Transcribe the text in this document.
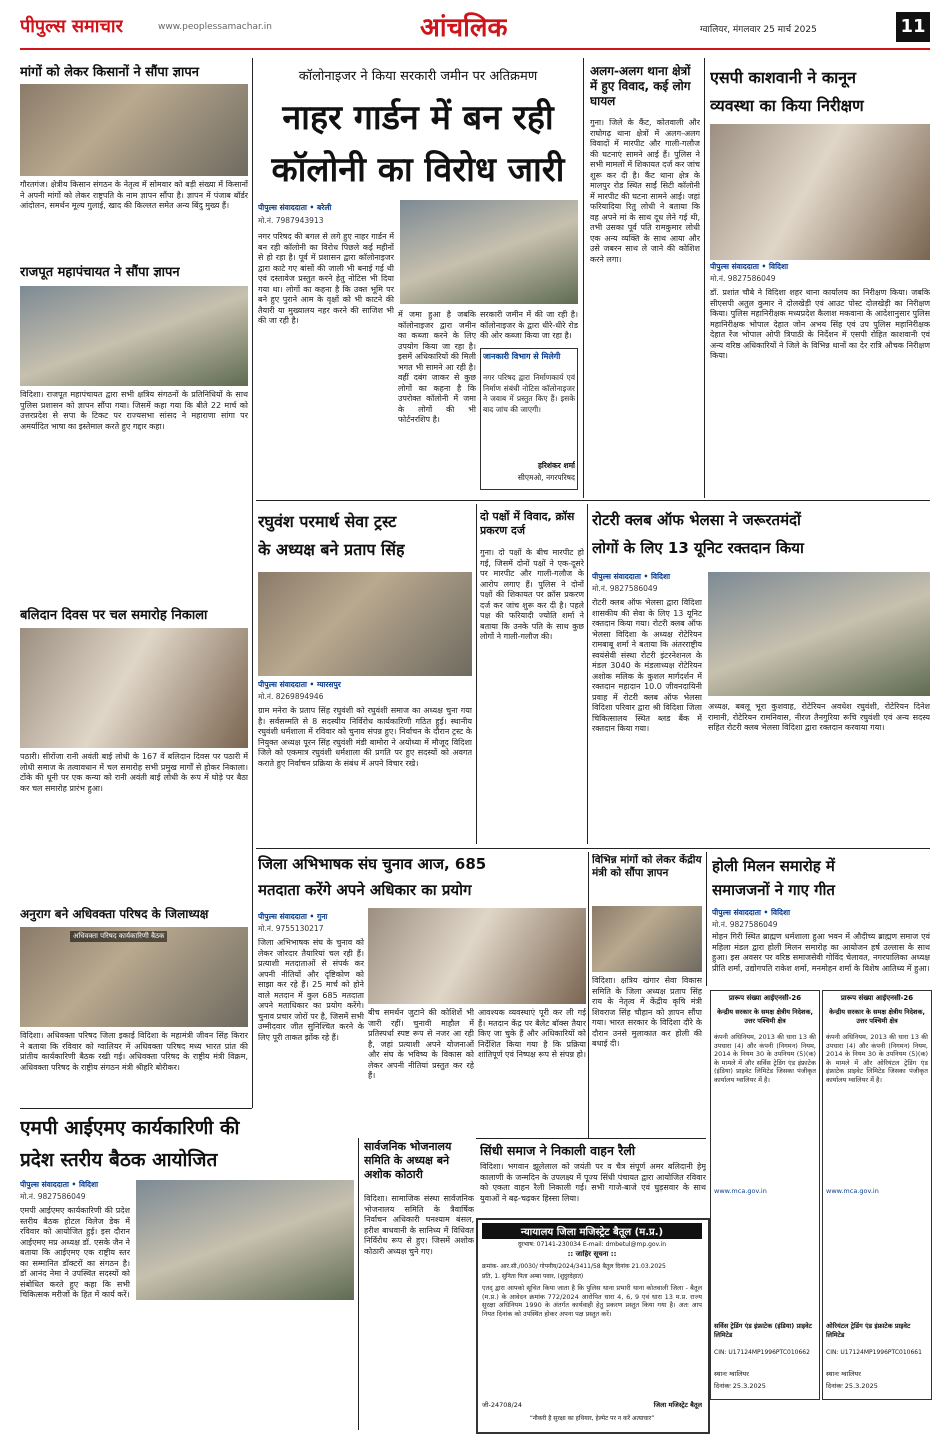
पीपुल्स समाचार	www.peoplessamachar.in	आंचलिक	ग्वालियर, मंगलवार 25 मार्च 2025	11
मांगों को लेकर किसानों ने सौंपा ज्ञापन
गौरतगंज। क्षेत्रीय किसान संगठन के नेतृत्व में सोमवार को बड़ी संख्या में किसानों ने अपनी मांगों को लेकर राष्ट्रपति के नाम ज्ञापन सौंपा है। ज्ञापन में पंजाब बॉर्डर आंदोलन, समर्थन मूल्य गुलाई, खाद की किल्लत समेत अन्य बिंदु मुख्य हैं।
राजपूत महापंचायत ने सौंपा ज्ञापन
विदिशा। राजपूत महापंचायत द्वारा सभी क्षत्रिय संगठनों के प्रतिनिधियों के साथ पुलिस प्रशासन को ज्ञापन सौंपा गया। जिसमें कहा गया कि बीते 22 मार्च को उत्तरप्रदेश से सपा के टिकट पर राज्यसभा सांसद ने महाराणा सांगा पर अमर्यादित भाषा का इस्तेमाल करते हुए गद्दार कहा।
बलिदान दिवस पर चल समारोह निकाला
पठारी। सीरोंजा रानी अवंती बाई लोधी के 167 वें बलिदान दिवस पर पठारी में लोधी समाज के तत्वावधान में चल समारोह सभी प्रमुख मार्गों से होकर निकाला। टोंके की धूनी पर एक कन्या को रानी अवंती बाई लोधी के रूप में घोड़े पर बैठा कर चल समारोह प्रारंभ हुआ।
अनुराग बने अधिवक्ता परिषद के जिलाध्यक्ष
अधिवक्ता परिषद कार्यकारिणी बैठक
विदिशा। अधिवक्ता परिषद जिला इकाई विदिशा के महामंत्री जीवन सिंह किरार ने बताया कि रविवार को ग्वालियर में अधिवक्ता परिषद मध्य भारत प्रांत की प्रांतीय कार्यकारिणी बैठक रखी गई। अधिवक्ता परिषद के राष्ट्रीय मंत्री विक्रम, अधिवक्ता परिषद के राष्ट्रीय संगठन मंत्री श्रीहरि बोरीकर।
कॉलोनाइजर ने किया सरकारी जमीन पर अतिक्रमण
नाहर गार्डन में बन रही
कॉलोनी का विरोध जारी
पीपुल्स संवाददाता • बरेली
मो.नं. 7987943913
नगर परिषद की बगल से लगे हुए नाहर गार्डन में बन रही कॉलोनी का विरोध पिछले कई महीनों से हो रहा है। पूर्व में प्रशासन द्वारा कॉलोनाइजर द्वारा काटे गए बांसों की जाली भी बनाई गई थी एवं दस्तावेज प्रस्तुत करने हेतु नोटिस भी दिया गया था। लोगों का कहना है कि उक्त भूमि पर बने हुए पुराने आम के वृक्षों को भी काटने की तैयारी या मुख्यालय नहर करने की साजिश भी की जा रही है।
में जमा हुआ है जबकि कॉलोनाइजर द्वारा जमीन का कब्जा करने के लिए उपयोग किया जा रहा है। इसमें अधिकारियों की मिली भगत भी सामने आ रही है। वहीं दबंग जाकर से कुछ लोगों का कहना है कि उपरोक्त कॉलोनी में जमा के लोगों की भी फोर्टनरशिप है।
सरकारी जमीन में की जा रही है। कॉलोनाइजर के द्वारा धीरे-धीरे रोड की ओर कब्जा किया जा रहा है।
जानकारी विभाग से मिलेगी
नगर परिषद द्वारा निर्माणकार्य एवं निर्माण संबंधी नोटिस कॉलोनाइजर ने जवाब में प्रस्तुत किए हैं। इसके बाद जांच की जाएगी।
हरिशंकर शर्मा
सीएमओ, नगरपरिषद
अलग-अलग थाना क्षेत्रों में हुए विवाद, कई लोग घायल
गुना। जिले के कैंट, कोतवाली और राघोगढ़ थाना क्षेत्रों में अलग-अलग विवादों में मारपीट और गाली-गलौज की घटनाएं सामने आई हैं। पुलिस ने सभी मामलों में शिकायत दर्ज कर जांच शुरू कर दी है। कैंट थाना क्षेत्र के मालपुर रोड स्थित साईं सिटी कॉलोनी में मारपीट की घटना सामने आई। जहां फरियादिया रितु लोधी ने बताया कि वह अपने मां के साथ दूध लेने गई थी, तभी उसका पूर्व पति रामकुमार लोधी एक अन्य व्यक्ति के साथ आया और उसे जबरन साथ ले जाने की कोशिश करने लगा।
एसपी काशवानी ने कानून
व्यवस्था का किया निरीक्षण
पीपुल्स संवाददाता • विदिशा
मो.नं. 9827586049
डॉ. प्रशांत चौबे ने विदिशा शहर थाना कार्यालय का निरीक्षण किया। जबकि सीएसपी अतुल कुमार ने दोलखेड़ी एवं आउट पोस्ट दोलखेड़ी का निरीक्षण किया। पुलिस महानिरीक्षक मध्यप्रदेश कैलाश मकवाना के आदेशानुसार पुलिस महानिरीक्षक भोपाल देहात जोन अभय सिंह एवं उप पुलिस महानिरीक्षक देहात रेंज भोपाल ओपी त्रिपाठी के निर्देशन में एसपी रोहित काशवानी एवं अन्य वरिष्ठ अधिकारियों ने जिले के विभिन्न थानों का देर रात्रि औचक निरीक्षण किया।
रघुवंश परमार्थ सेवा ट्रस्ट
के अध्यक्ष बने प्रताप सिंह
पीपुल्स संवाददाता • ग्यारसपुर
मो.नं. 8269894946
ग्राम मनेरा के प्रताप सिंह रघुवंशी को रघुवंशी समाज का अध्यक्ष चुना गया है। सर्वसम्मति से 8 सदस्यीय निर्विरोध कार्यकारिणी गठित हुई। स्थानीय रघुवंशी धर्मशाला में रविवार को चुनाव संपन्न हुए। निर्वाचन के दौरान ट्रस्ट के नियुक्त अध्यक्ष पूरन सिंह रघुवंशी मंडी बामोरा ने अयोध्या में मौजूद विदिशा जिले को एकमात्र रघुवंशी धर्मशाला की प्रगति पर हुए सदस्यों को अवगत कराते हुए निर्वाचन प्रक्रिया के संबंध में अपने विचार रखे।
दो पक्षों में विवाद, क्रॉस प्रकरण दर्ज
गुना। दो पक्षों के बीच मारपीट हो गई, जिसमें दोनों पक्षों ने एक-दूसरे पर मारपीट और गाली-गलौज के आरोप लगाए हैं। पुलिस ने दोनों पक्षों की शिकायत पर क्रॉस प्रकरण दर्ज कर जांच शुरू कर दी है। पहले पक्ष की फरियादी ज्योति शर्मा ने बताया कि उनके पति के साथ कुछ लोगों ने गाली-गलौज की।
रोटरी क्लब ऑफ भेलसा ने जरूरतमंदों
लोगों के लिए 13 यूनिट रक्तदान किया
पीपुल्स संवाददाता • विदिशा
मो.नं. 9827586049
रोटरी क्लब ऑफ भेलसा द्वारा विदिशा शासकीय की सेवा के लिए 13 यूनिट रक्तदान किया गया। रोटरी क्लब ऑफ भेलसा विदिशा के अध्यक्ष रोटेरियन रामबाबू शर्मा ने बताया कि अंतरराष्ट्रीय स्वयंसेवी संस्था रोटरी इंटरनेशनल के मंडल 3040 के मंडलाध्यक्ष रोटेरियन अशोक मलिक के कुशल मार्गदर्शन में रक्तदान महादान 10.0 जीवनदायिनी प्रवाह में रोटरी क्लब ऑफ भेलसा विदिशा परिवार द्वारा श्री विदिशा जिला चिकित्सालय स्थित ब्लड बैंक में रक्तदान किया गया।
अध्यक्ष, बबलू भूरा कुशवाह, रोटेरियन अवधेश रघुवंशी, रोटेरियन दिनेश रामानी, रोटेरियन रामनिवास, नीरज तैनगुरिया रूचि रघुवंशी एवं अन्य सदस्य सहित रोटरी क्लब भेलसा विदिशा द्वारा रक्तदान करवाया गया।
जिला अभिभाषक संघ चुनाव आज, 685
मतदाता करेंगे अपने अधिकार का प्रयोग
पीपुल्स संवाददाता • गुना
मो.नं. 9755130217
जिला अभिभाषक संघ के चुनाव को लेकर जोरदार तैयारियां चल रही हैं। प्रत्याशी मतदाताओं से संपर्क कर अपनी नीतियों और दृष्टिकोण को साझा कर रहे हैं। 25 मार्च को होने वाले मतदान में कुल 685 मतदाता अपने मताधिकार का प्रयोग करेंगे। चुनाव प्रचार जोरों पर है, जिसमें सभी उम्मीदवार जीत सुनिश्चित करने के लिए पूरी ताकत झोंक रहे हैं।
बीच समर्थन जुटाने की कोशिशें भी जारी रहीं। चुनावी माहौल में प्रतिस्पर्धा स्पष्ट रूप से नजर आ रही है, जहां प्रत्याशी अपने योजनाओं और संघ के भविष्य के विकास को लेकर अपनी नीतियां प्रस्तुत कर रहे हैं।
आवश्यक व्यवस्थाएं पूरी कर ली गई हैं। मतदान केंद्र पर बैलेट बॉक्स तैयार किए जा चुके हैं और अधिकारियों को निर्देशित किया गया है कि प्रक्रिया शांतिपूर्ण एवं निष्पक्ष रूप से संपन्न हो।
विभिन्न मांगों को लेकर केंद्रीय मंत्री को सौंपा ज्ञापन
विदिशा। क्षत्रिय खंगार सेवा विकास समिति के जिला अध्यक्ष प्रताप सिंह राय के नेतृत्व में केंद्रीय कृषि मंत्री शिवराज सिंह चौहान को ज्ञापन सौंपा गया। भारत सरकार के विदिशा दौरे के दौरान उनसे मुलाकात कर होली की बधाई दी।
होली मिलन समारोह में
समाजजनों ने गाए गीत
पीपुल्स संवाददाता • विदिशा
मो.नं. 9827586049
मोहन गिरी स्थित ब्राह्मण धर्मशाला हुआ भवन में औदीच्य ब्राह्मण समाज एवं महिला मंडल द्वारा होली मिलन समारोह का आयोजन हर्ष उल्लास के साथ हुआ। इस अवसर पर वरिष्ठ समाजसेवी गोविंद चेलावत, नगरपालिका अध्यक्ष प्रीति शर्मा, उद्योगपति राकेश शर्मा, मनमोहन शर्मा के विशेष आतिथ्य में हुआ।
प्रारूप संख्या आईएनसी-26
केन्द्रीय सरकार के समक्ष क्षेत्रीय निदेशक, उत्तर पश्चिमी क्षेत्र
कंपनी अधिनियम, 2013 की धारा 13 की उपधारा (4) और कंपनी (निगमन) नियम, 2014 के नियम 30 के उपनियम (5)(क) के मामले में और सर्विस ट्रेडिंग एंड इंफ्राटेक (इंडिया) प्राइवेट लिमिटेड जिसका पंजीकृत कार्यालय ग्वालियर में है।
www.mca.gov.in
सर्विस ट्रेडिंग एंड इंफ्राटेक (इंडिया) प्राइवेट लिमिटेड
CIN: U17124MP1996PTC010662
स्थानः ग्वालियर
दिनांकः 25.3.2025
प्रारूप संख्या आईएनसी-26
केन्द्रीय सरकार के समक्ष क्षेत्रीय निदेशक, उत्तर पश्चिमी क्षेत्र
कंपनी अधिनियम, 2013 की धारा 13 की उपधारा (4) और कंपनी (निगमन) नियम, 2014 के नियम 30 के उपनियम (5)(क) के मामले में और ओरियंटल ट्रेडिंग एंड इंफ्राटेक प्राइवेट लिमिटेड जिसका पंजीकृत कार्यालय ग्वालियर में है।
www.mca.gov.in
ओरियंटल ट्रेडिंग एंड इंफ्राटेक प्राइवेट लिमिटेड
CIN: U17124MP1996PTC010661
स्थानः ग्वालियर
दिनांकः 25.3.2025
एमपी आईएमए कार्यकारिणी की
प्रदेश स्तरीय बैठक आयोजित
पीपुल्स संवाददाता • विदिशा
मो.नं. 9827586049
एमपी आईएमए कार्यकारिणी की प्रदेश स्तरीय बैठक होटल विलेज डेक में रविवार को आयोजित हुई। इस दौरान आईएमए मप्र अध्यक्ष डॉ. एसके जैन ने बताया कि आईएमए एक राष्ट्रीय स्तर का सम्मानित डॉक्टरों का संगठन है। डॉ आनंद नेमा ने उपस्थित सदस्यों को संबोधित करते हुए कहा कि सभी चिकित्सक मरीजों के हित में कार्य करें।
सार्वजनिक भोजनालय समिति के अध्यक्ष बने अशोक कोठारी
विदिशा। सामाजिक संस्था सार्वजनिक भोजनालय समिति के त्रैवार्षिक निर्वाचन अधिकारी घनश्याम बंसल, हरीश बाधवानी के सानिध्य में विधिवत निर्विरोध रूप से हुए। जिसमें अशोक कोठारी अध्यक्ष चुने गए।
सिंधी समाज ने निकाली वाहन रैली
विदिशा। भगवान झूलेलाल को जयंती पर व चैत्र संपूर्ण अमर बलिदानी हेमू कालाणी के जन्मदिन के उपलक्ष्य में पूज्य सिंधी पंचायत द्वारा आयोजित रविवार को एकता वाहन रैली निकाली गई। सभी गाजे-बाजे एवं घुड़सवार के साथ युवाओं ने बढ़-चढ़कर हिस्सा लिया।
न्यायालय जिला मजिस्ट्रेट बैतूल (म.प्र.)
दूरभाष: 07141-230034 E-mail: dmbetul@mp.gov.in
:: जाहिर सूचना ::
क्रमांक- आर.सी./0030/ गोपनीय/2024/3411/58 बैतूल दिनांक 21.03.2025
प्रति, 1. सुनिता पिता अम्बा पवार, (शुदुरदेहात)
एतद् द्वारा आपको सूचित किया जाता है कि पुलिस थाना प्रभारी थाना कोतवाली जिला - बैतूल (म.प्र.) के आवेदन क्रमांक 772/2024 आरोपित धारा 4, 6, 9 एवं धारा 13 म.प्र. राज्य सुरक्षा अधिनियम 1990 के अंतर्गत कार्यवाही हेतु प्रकरण प्रस्तुत किया गया है। अतः आप नियत दिनांक को उपस्थित होकर अपना पक्ष प्रस्तुत करें।
जी-24708/24	जिला मजिस्ट्रेट बैतूल
“नौकरी है सुरक्षा का हथियार, हेल्मेट पर न करें अत्याचार”
